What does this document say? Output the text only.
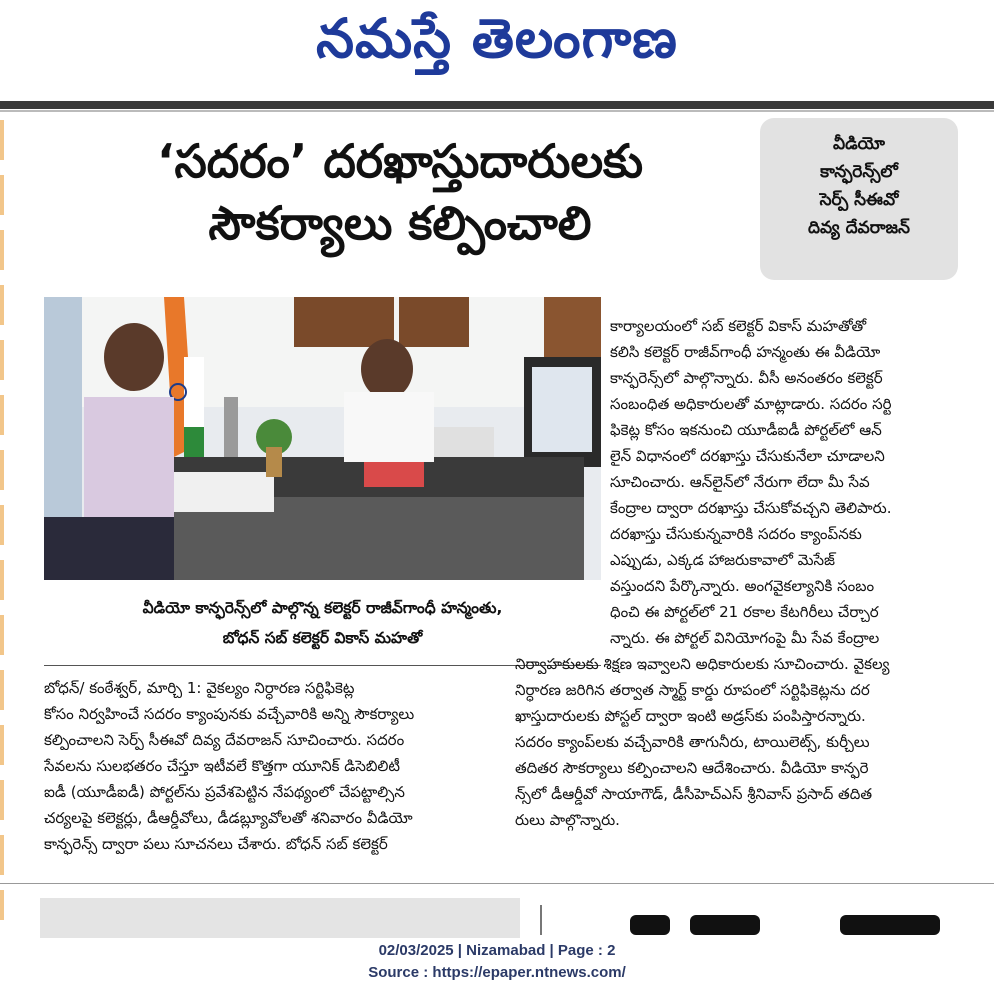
నమస్తే తెలంగాణ
‘సదరం’ దరఖాస్తుదారులకు
సౌకర్యాలు కల్పించాలి
వీడియో
కాన్ఫరెన్స్‌లో
సెర్ప్ సీఈవో
దివ్య దేవరాజన్
వీడియో కాన్ఫరెన్స్‌లో పాల్గొన్న కలెక్టర్ రాజీవ్‌గాంధీ హన్మంతు,
బోధన్ సబ్ కలెక్టర్ వికాస్ మహతో
కార్యాలయంలో సబ్ కలెక్టర్ వికాస్ మహతోతో
కలిసి కలెక్టర్ రాజీవ్‌గాంధీ హన్మంతు ఈ వీడియో
కాన్ఫరెన్స్‌లో పాల్గొన్నారు. వీసీ అనంతరం కలెక్టర్
సంబంధిత అధికారులతో మాట్లాడారు. సదరం సర్టి
ఫికెట్ల కోసం ఇకనుంచి యూడీఐడీ పోర్టల్‌లో ఆన్
లైన్ విధానంలో దరఖాస్తు చేసుకునేలా చూడాలని
సూచించారు. ఆన్‌లైన్‌లో నేరుగా లేదా మీ సేవ
కేంద్రాల ద్వారా దరఖాస్తు చేసుకోవచ్చని తెలిపారు.
దరఖాస్తు చేసుకున్నవారికి సదరం క్యాంప్‌నకు
ఎప్పుడు, ఎక్కడ హాజరుకావాలో మెసేజ్
వస్తుందని పేర్కొన్నారు. అంగవైకల్యానికి సంబం
ధించి ఈ పోర్టల్‌లో 21 రకాల కేటగిరీలు చేర్చార
న్నారు. ఈ పోర్టల్ వినియోగంపై మీ సేవ కేంద్రాల
నిర్వాహకులకు శిక్షణ ఇవ్వాలని అధికారులకు సూచించారు. వైకల్య
నిర్ధారణ జరిగిన తర్వాత స్మార్ట్ కార్డు రూపంలో సర్టిఫికెట్లను దర
ఖాస్తుదారులకు పోస్టల్ ద్వారా ఇంటి అడ్రస్‌కు పంపిస్తారన్నారు.
సదరం క్యాంప్‌లకు వచ్చేవారికి తాగునీరు, టాయిలెట్స్, కుర్చీలు
తదితర సౌకర్యాలు కల్పించాలని ఆదేశించారు. వీడియో కాన్ఫరె
న్స్‌లో డీఆర్డీవో సాయాగౌడ్, డీసీహెచ్ఎస్ శ్రీనివాస్ ప్రసాద్ తదిత
రులు పాల్గొన్నారు.
బోధన్/ కంఠేశ్వర్, మార్చి 1: వైకల్యం నిర్ధారణ సర్టిఫికెట్ల
కోసం నిర్వహించే సదరం క్యాంపునకు వచ్చేవారికి అన్ని సౌకర్యాలు
కల్పించాలని సెర్ప్ సీఈవో దివ్య దేవరాజన్ సూచించారు. సదరం
సేవలను సులభతరం చేస్తూ ఇటీవలే కొత్తగా యూనిక్ డిసెబిలిటీ
ఐడీ (యూడీఐడీ) పోర్టల్‌ను ప్రవేశపెట్టిన నేపథ్యంలో చేపట్టాల్సిన
చర్యలపై కలెక్టర్లు, డీఆర్డీవోలు, డీడబ్ల్యూవోలతో శనివారం వీడియో
కాన్ఫరెన్స్ ద్వారా పలు సూచనలు చేశారు. బోధన్ సబ్ కలెక్టర్
02/03/2025 | Nizamabad | Page : 2
Source : https://epaper.ntnews.com/
